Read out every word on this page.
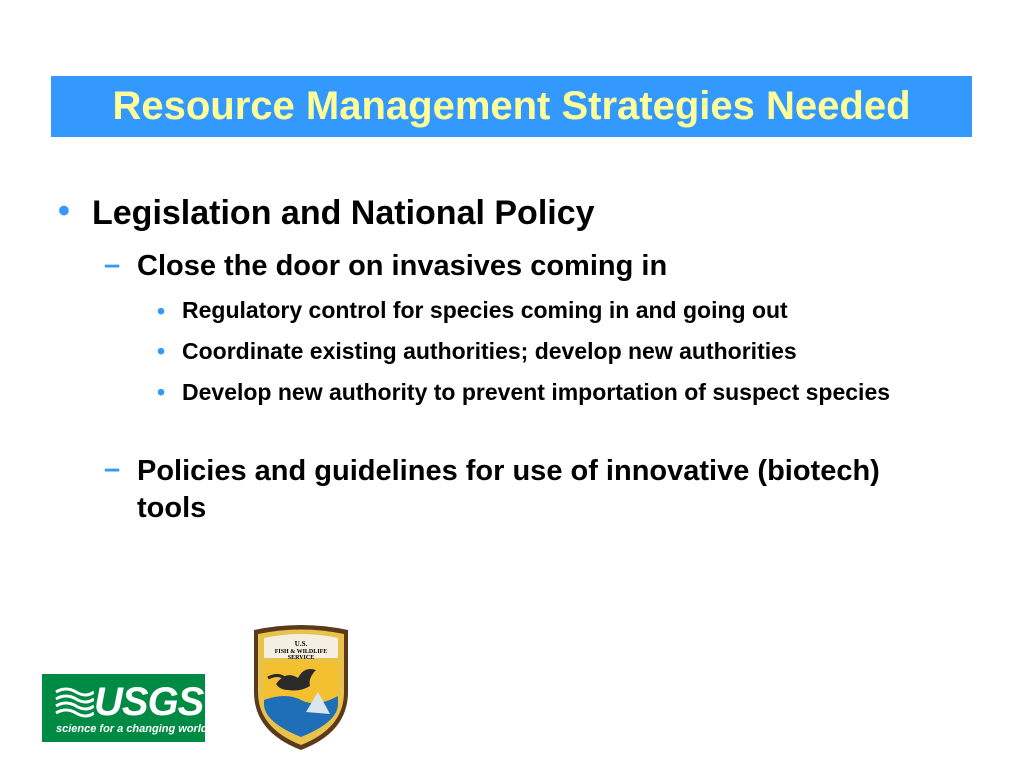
Resource Management Strategies Needed
• Legislation and National Policy
– Close the door on invasives coming in
• Regulatory control for species coming in and going out
• Coordinate existing authorities; develop new authorities
• Develop new authority to prevent importation of suspect species
– Policies and guidelines for use of innovative (biotech) tools
USGS
science for a changing world
U.S.
FISH & WILDLIFE
SERVICE
